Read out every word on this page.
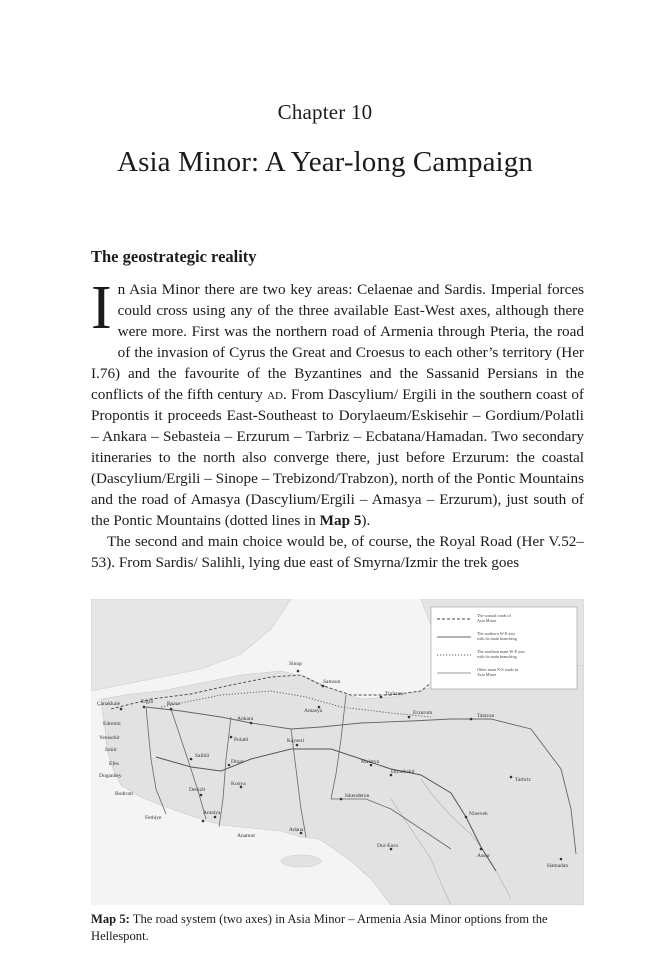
Chapter 10
Asia Minor: A Year-long Campaign
The geostrategic reality

In Asia Minor there are two key areas: Celaenae and Sardis. Imperial forces could cross using any of the three available East-West axes, although there were more. First was the northern road of Armenia through Pteria, the road of the invasion of Cyrus the Great and Croesus to each other’s territory (Her I.76) and the favourite of the Byzantines and the Sassanid Persians in the conflicts of the fifth century ad. From Dascylium/ Ergili in the southern coast of Propontis it proceeds East-Southeast to Dorylaeum/Eskisehir – Gordium/Polatli – Ankara – Sebasteia – Erzurum – Tarbriz – Ecbatana/Hamadan. Two secondary itineraries to the north also converge there, just before Erzurum: the coastal (Dascylium/Ergili – Sinope – Trebizond/Trabzon), north of the Pontic Mountains and the road of Amasya (Dascylium/Ergili – Amasya – Erzurum), just south of the Pontic Mountains (dotted lines in Map 5).

The second and main choice would be, of course, the Royal Road (Her V.52–53). From Sardis/ Salihli, lying due east of Smyrna/Izmir the trek goes

The coastal roads of
Asia Minor
The northern W-E axis
with its main branching
The southern main W-E axis
with its main branching
Other main N-S roads in
Asia Minor
Sinop
Samsun
Trabzon
Amasya	Erzurum	Tatavan
Çanakkale	Ergili Bursa
Edremit
Yenisehir
Izmir
Efes
Doganbey
Bodrum
Salihli
Ankara
Polatli
Dinar
Denizli
Konya
Kayseri
Malatya
Diyarbakir
Tarbriz
Fethiye
Antalya
Adana
Iskenderun
Anamur
Nineveh
Assur
Dur-Euro
Hamadan
Map 5: The road system (two axes) in Asia Minor – Armenia Asia Minor options from the Hellespont.
